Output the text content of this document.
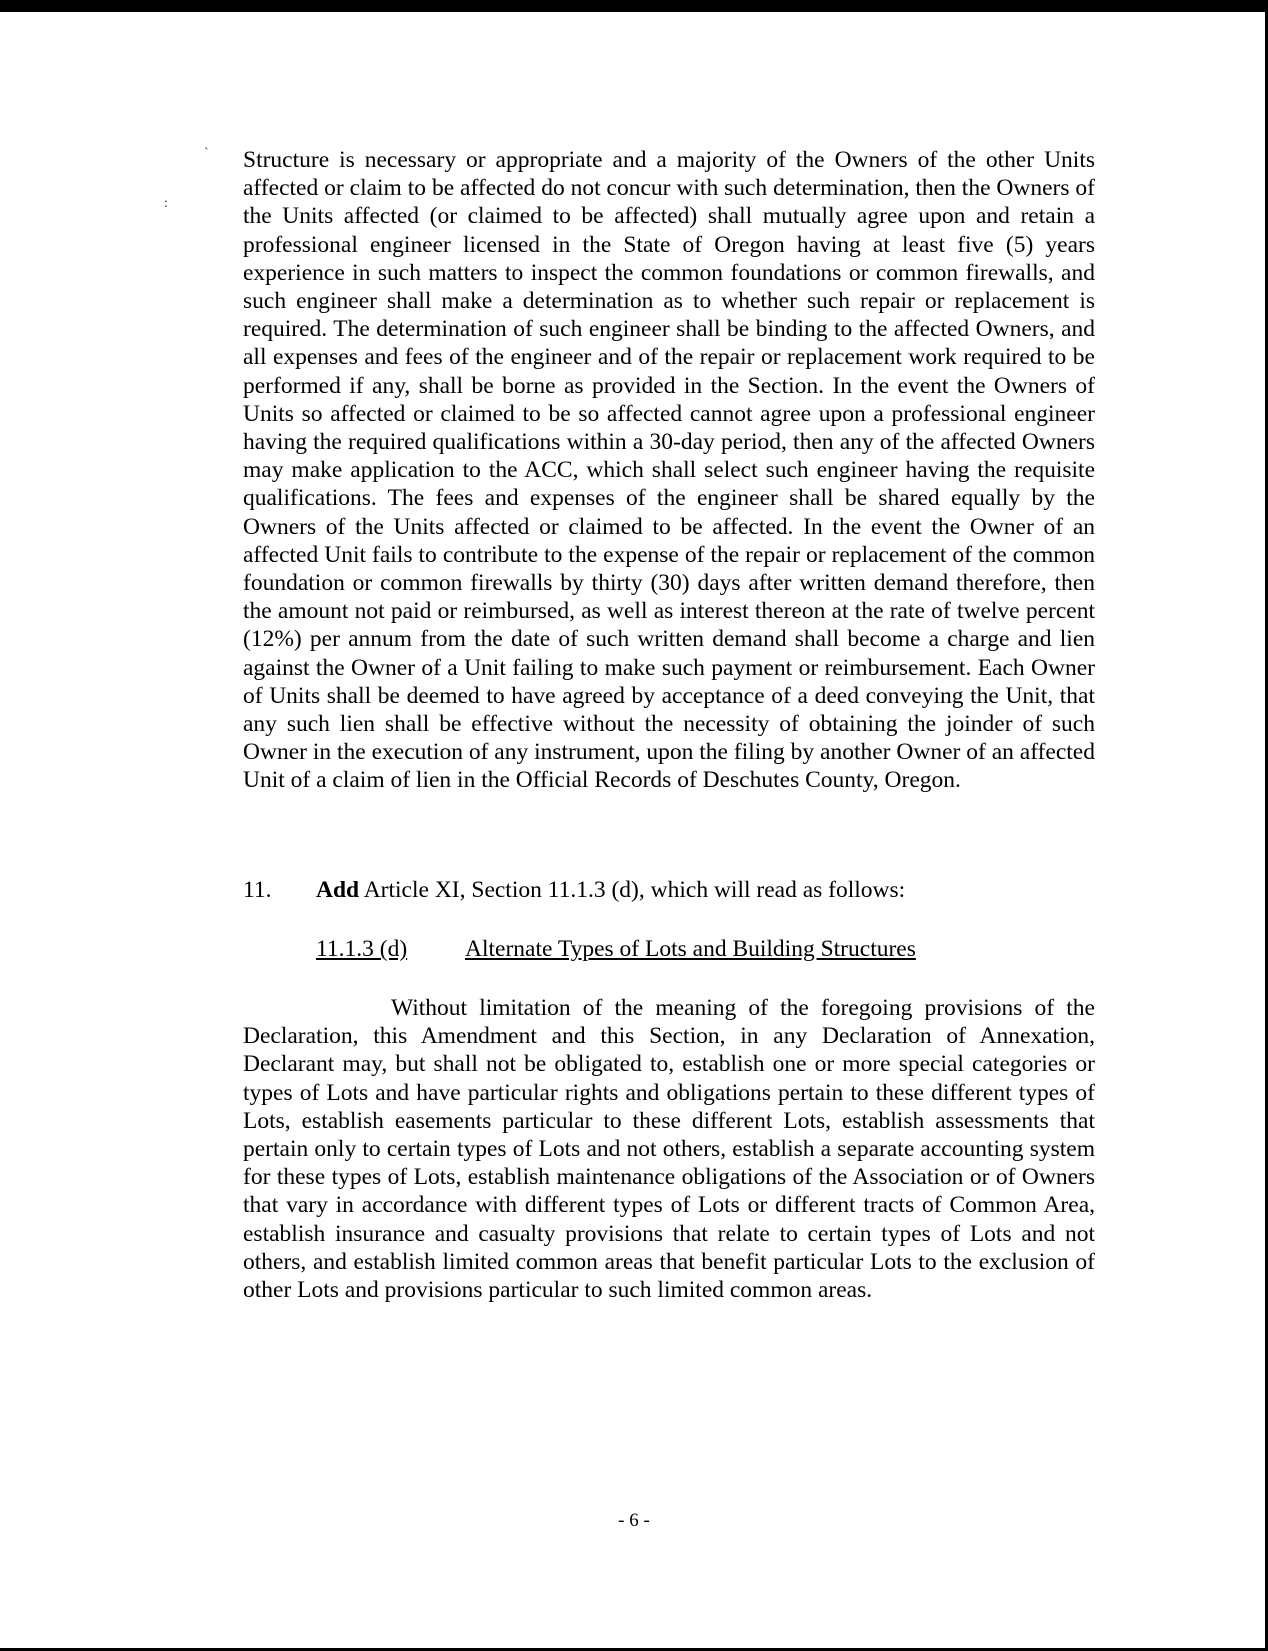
`
:

Structure is necessary or appropriate and a majority of the Owners of the other Units affected or claim to be affected do not concur with such determination, then the Owners of the Units affected (or claimed to be affected) shall mutually agree upon and retain a professional engineer licensed in the State of Oregon having at least five (5) years experience in such matters to inspect the common foundations or common firewalls, and such engineer shall make a determination as to whether such repair or replacement is required. The determination of such engineer shall be binding to the affected Owners, and all expenses and fees of the engineer and of the repair or replacement work required to be performed if any, shall be borne as provided in the Section. In the event the Owners of Units so affected or claimed to be so affected cannot agree upon a professional engineer having the required qualifications within a 30-day period, then any of the affected Owners may make application to the ACC, which shall select such engineer having the requisite qualifications. The fees and expenses of the engineer shall be shared equally by the Owners of the Units affected or claimed to be affected. In the event the Owner of an affected Unit fails to contribute to the expense of the repair or replacement of the common foundation or common firewalls by thirty (30) days after written demand therefore, then the amount not paid or reimbursed, as well as interest thereon at the rate of twelve percent (12%) per annum from the date of such written demand shall become a charge and lien against the Owner of a Unit failing to make such payment or reimbursement. Each Owner of Units shall be deemed to have agreed by acceptance of a deed conveying the Unit, that any such lien shall be effective without the necessity of obtaining the joinder of such Owner in the execution of any instrument, upon the filing by another Owner of an affected Unit of a claim of lien in the Official Records of Deschutes County, Oregon.

11. Add Article XI, Section 11.1.3 (d), which will read as follows:
11.1.3 (d) Alternate Types of Lots and Building Structures

Without limitation of the meaning of the foregoing provisions of the Declaration, this Amendment and this Section, in any Declaration of Annexation, Declarant may, but shall not be obligated to, establish one or more special categories or types of Lots and have particular rights and obligations pertain to these different types of Lots, establish easements particular to these different Lots, establish assessments that pertain only to certain types of Lots and not others, establish a separate accounting system for these types of Lots, establish maintenance obligations of the Association or of Owners that vary in accordance with different types of Lots or different tracts of Common Area, establish insurance and casualty provisions that relate to certain types of Lots and not others, and establish limited common areas that benefit particular Lots to the exclusion of other Lots and provisions particular to such limited common areas.

- 6 -
